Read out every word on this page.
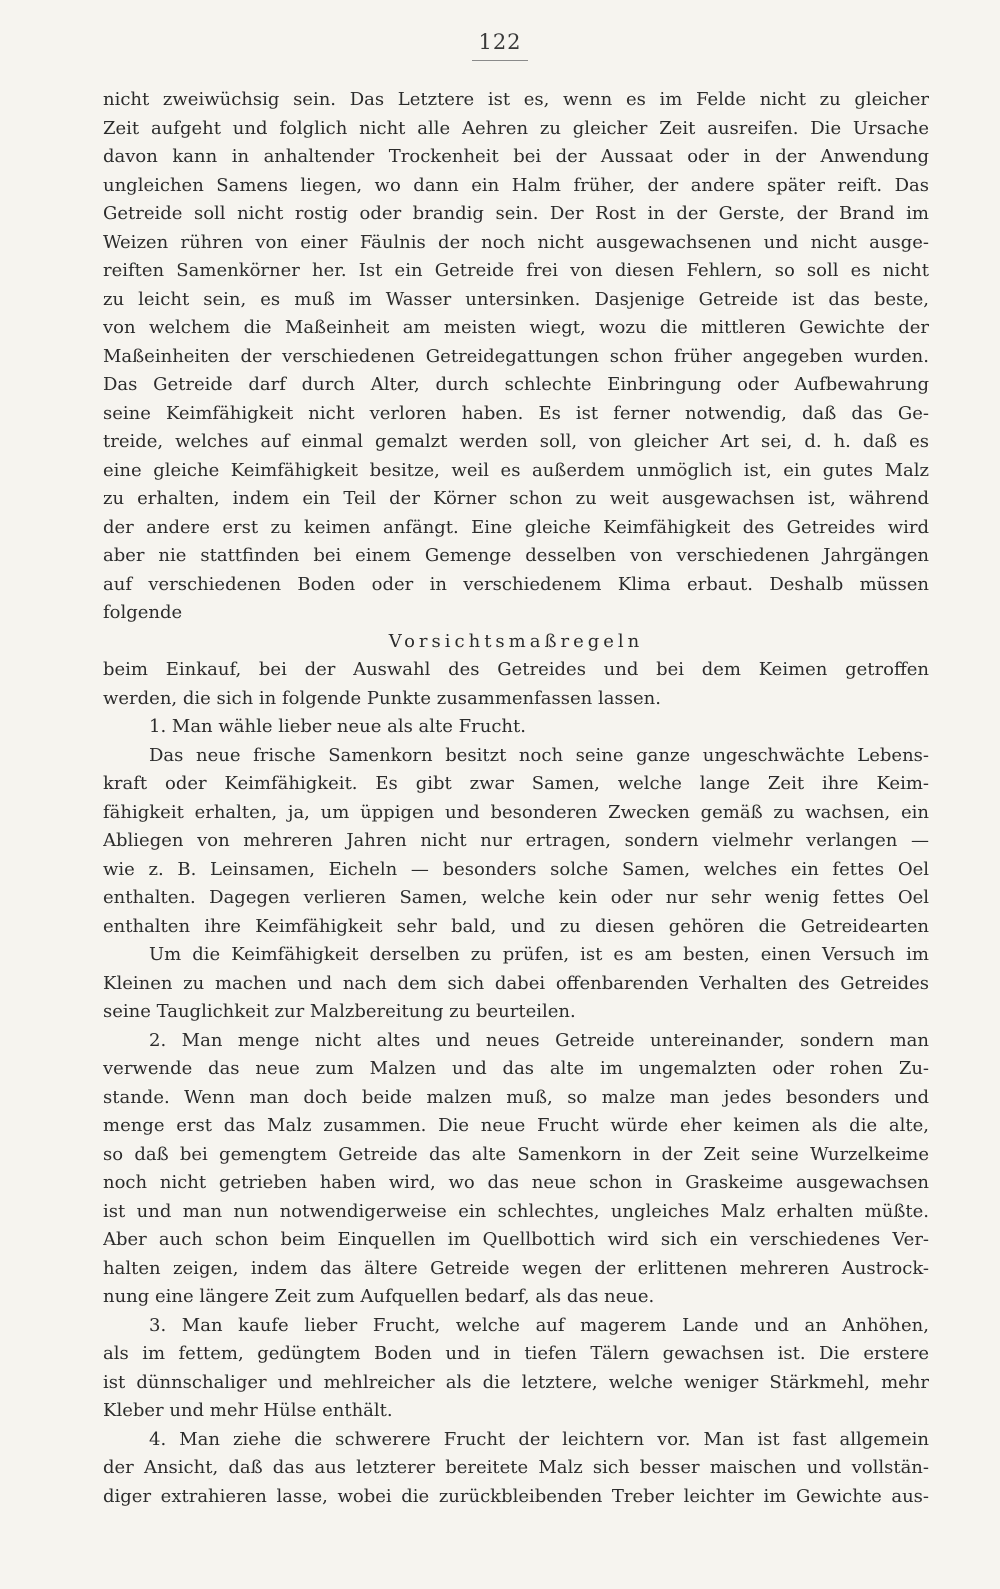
122
nicht zweiwüchsig sein. Das Letztere ist es, wenn es im Felde nicht zu gleicher
Zeit aufgeht und folglich nicht alle Aehren zu gleicher Zeit ausreifen. Die Ursache
davon kann in anhaltender Trockenheit bei der Aussaat oder in der Anwendung
ungleichen Samens liegen, wo dann ein Halm früher, der andere später reift. Das
Getreide soll nicht rostig oder brandig sein. Der Rost in der Gerste, der Brand im
Weizen rühren von einer Fäulnis der noch nicht ausgewachsenen und nicht ausge-
reiften Samenkörner her. Ist ein Getreide frei von diesen Fehlern, so soll es nicht
zu leicht sein, es muß im Wasser untersinken. Dasjenige Getreide ist das beste,
von welchem die Maßeinheit am meisten wiegt, wozu die mittleren Gewichte der
Maßeinheiten der verschiedenen Getreidegattungen schon früher angegeben wurden.
Das Getreide darf durch Alter, durch schlechte Einbringung oder Aufbewahrung
seine Keimfähigkeit nicht verloren haben. Es ist ferner notwendig, daß das Ge-
treide, welches auf einmal gemalzt werden soll, von gleicher Art sei, d. h. daß es
eine gleiche Keimfähigkeit besitze, weil es außerdem unmöglich ist, ein gutes Malz
zu erhalten, indem ein Teil der Körner schon zu weit ausgewachsen ist, während
der andere erst zu keimen anfängt. Eine gleiche Keimfähigkeit des Getreides wird
aber nie stattfinden bei einem Gemenge desselben von verschiedenen Jahrgängen
auf verschiedenen Boden oder in verschiedenem Klima erbaut. Deshalb müssen
folgende
Vorsichtsmaßregeln
beim Einkauf, bei der Auswahl des Getreides und bei dem Keimen getroffen
werden, die sich in folgende Punkte zusammenfassen lassen.
1. Man wähle lieber neue als alte Frucht.
Das neue frische Samenkorn besitzt noch seine ganze ungeschwächte Lebens-
kraft oder Keimfähigkeit. Es gibt zwar Samen, welche lange Zeit ihre Keim-
fähigkeit erhalten, ja, um üppigen und besonderen Zwecken gemäß zu wachsen, ein
Abliegen von mehreren Jahren nicht nur ertragen, sondern vielmehr verlangen —
wie z. B. Leinsamen, Eicheln — besonders solche Samen, welches ein fettes Oel
enthalten. Dagegen verlieren Samen, welche kein oder nur sehr wenig fettes Oel
enthalten ihre Keimfähigkeit sehr bald, und zu diesen gehören die Getreidearten
Um die Keimfähigkeit derselben zu prüfen, ist es am besten, einen Versuch im
Kleinen zu machen und nach dem sich dabei offenbarenden Verhalten des Getreides
seine Tauglichkeit zur Malzbereitung zu beurteilen.
2. Man menge nicht altes und neues Getreide untereinander, sondern man
verwende das neue zum Malzen und das alte im ungemalzten oder rohen Zu-
stande. Wenn man doch beide malzen muß, so malze man jedes besonders und
menge erst das Malz zusammen. Die neue Frucht würde eher keimen als die alte,
so daß bei gemengtem Getreide das alte Samenkorn in der Zeit seine Wurzelkeime
noch nicht getrieben haben wird, wo das neue schon in Graskeime ausgewachsen
ist und man nun notwendigerweise ein schlechtes, ungleiches Malz erhalten müßte.
Aber auch schon beim Einquellen im Quellbottich wird sich ein verschiedenes Ver-
halten zeigen, indem das ältere Getreide wegen der erlittenen mehreren Austrock-
nung eine längere Zeit zum Aufquellen bedarf, als das neue.
3. Man kaufe lieber Frucht, welche auf magerem Lande und an Anhöhen,
als im fettem, gedüngtem Boden und in tiefen Tälern gewachsen ist. Die erstere
ist dünnschaliger und mehlreicher als die letztere, welche weniger Stärkmehl, mehr
Kleber und mehr Hülse enthält.
4. Man ziehe die schwerere Frucht der leichtern vor. Man ist fast allgemein
der Ansicht, daß das aus letzterer bereitete Malz sich besser maischen und vollstän-
diger extrahieren lasse, wobei die zurückbleibenden Treber leichter im Gewichte aus-
